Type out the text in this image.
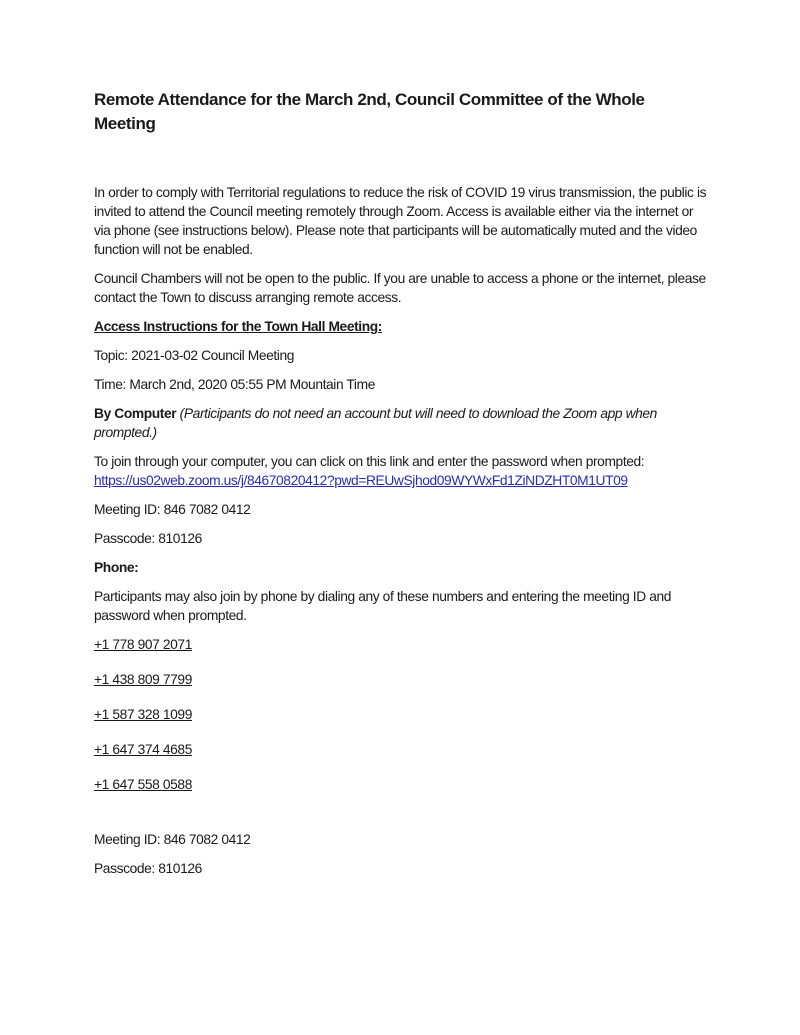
Remote Attendance for the March 2nd, Council Committee of the Whole Meeting

In order to comply with Territorial regulations to reduce the risk of COVID 19 virus transmission, the public is invited to attend the Council meeting remotely through Zoom. Access is available either via the internet or via phone (see instructions below). Please note that participants will be automatically muted and the video function will not be enabled.

Council Chambers will not be open to the public. If you are unable to access a phone or the internet, please contact the Town to discuss arranging remote access.

Access Instructions for the Town Hall Meeting:

Topic: 2021-03-02 Council Meeting

Time: March 2nd, 2020 05:55 PM Mountain Time

By Computer (Participants do not need an account but will need to download the Zoom app when prompted.)

To join through your computer, you can click on this link and enter the password when prompted:
https://us02web.zoom.us/j/84670820412?pwd=REUwSjhod09WYWxFd1ZiNDZHT0M1UT09

Meeting ID: 846 7082 0412

Passcode: 810126

Phone:

Participants may also join by phone by dialing any of these numbers and entering the meeting ID and password when prompted.

+1 778 907 2071

+1 438 809 7799

+1 587 328 1099

+1 647 374 4685

+1 647 558 0588

Meeting ID: 846 7082 0412

Passcode: 810126
